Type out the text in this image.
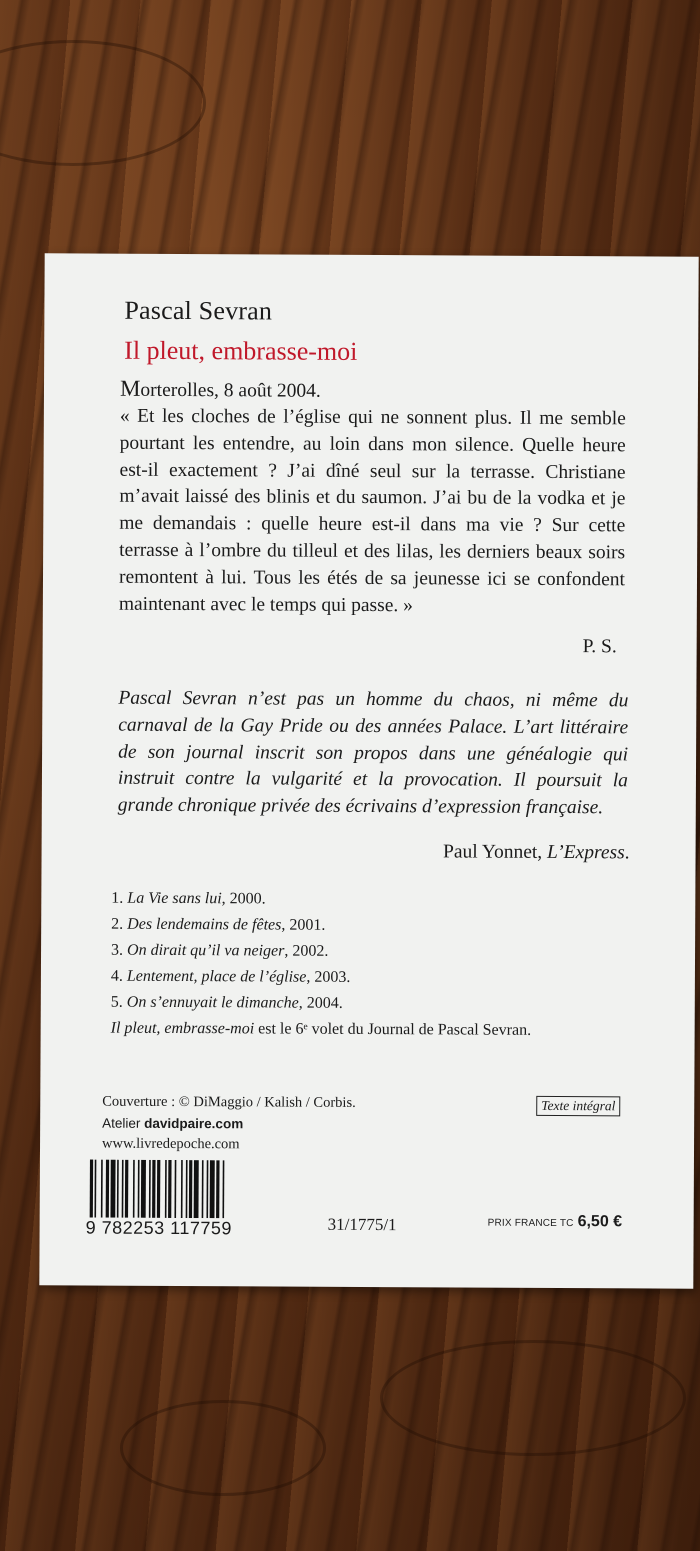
Pascal Sevran
Il pleut, embrasse-moi
Morterolles, 8 août 2004.

« Et les cloches de l’église qui ne sonnent plus. Il me semble pourtant les entendre, au loin dans mon silence. Quelle heure est-il exactement ? J’ai dîné seul sur la terrasse. Christiane m’avait laissé des blinis et du saumon. J’ai bu de la vodka et je me demandais : quelle heure est-il dans ma vie ? Sur cette terrasse à l’ombre du tilleul et des lilas, les derniers beaux soirs remontent à lui. Tous les étés de sa jeunesse ici se confondent maintenant avec le temps qui passe. »

P. S.

Pascal Sevran n’est pas un homme du chaos, ni même du carnaval de la Gay Pride ou des années Palace. L’art littéraire de son journal inscrit son propos dans une généalogie qui instruit contre la vulgarité et la provocation. Il poursuit la grande chronique privée des écrivains d’expression française.

Paul Yonnet, L’Express.
1. La Vie sans lui, 2000.
2. Des lendemains de fêtes, 2001.
3. On dirait qu’il va neiger, 2002.
4. Lentement, place de l’église, 2003.
5. On s’ennuyait le dimanche, 2004.
Il pleut, embrasse-moi est le 6ᵉ volet du Journal de Pascal Sevran.
Couverture : © DiMaggio / Kalish / Corbis.
Atelier davidpaire.com
www.livredepoche.com
Texte intégral
9 782253 117759	31/1775/1	PRIX FRANCE TC 6,50 €
